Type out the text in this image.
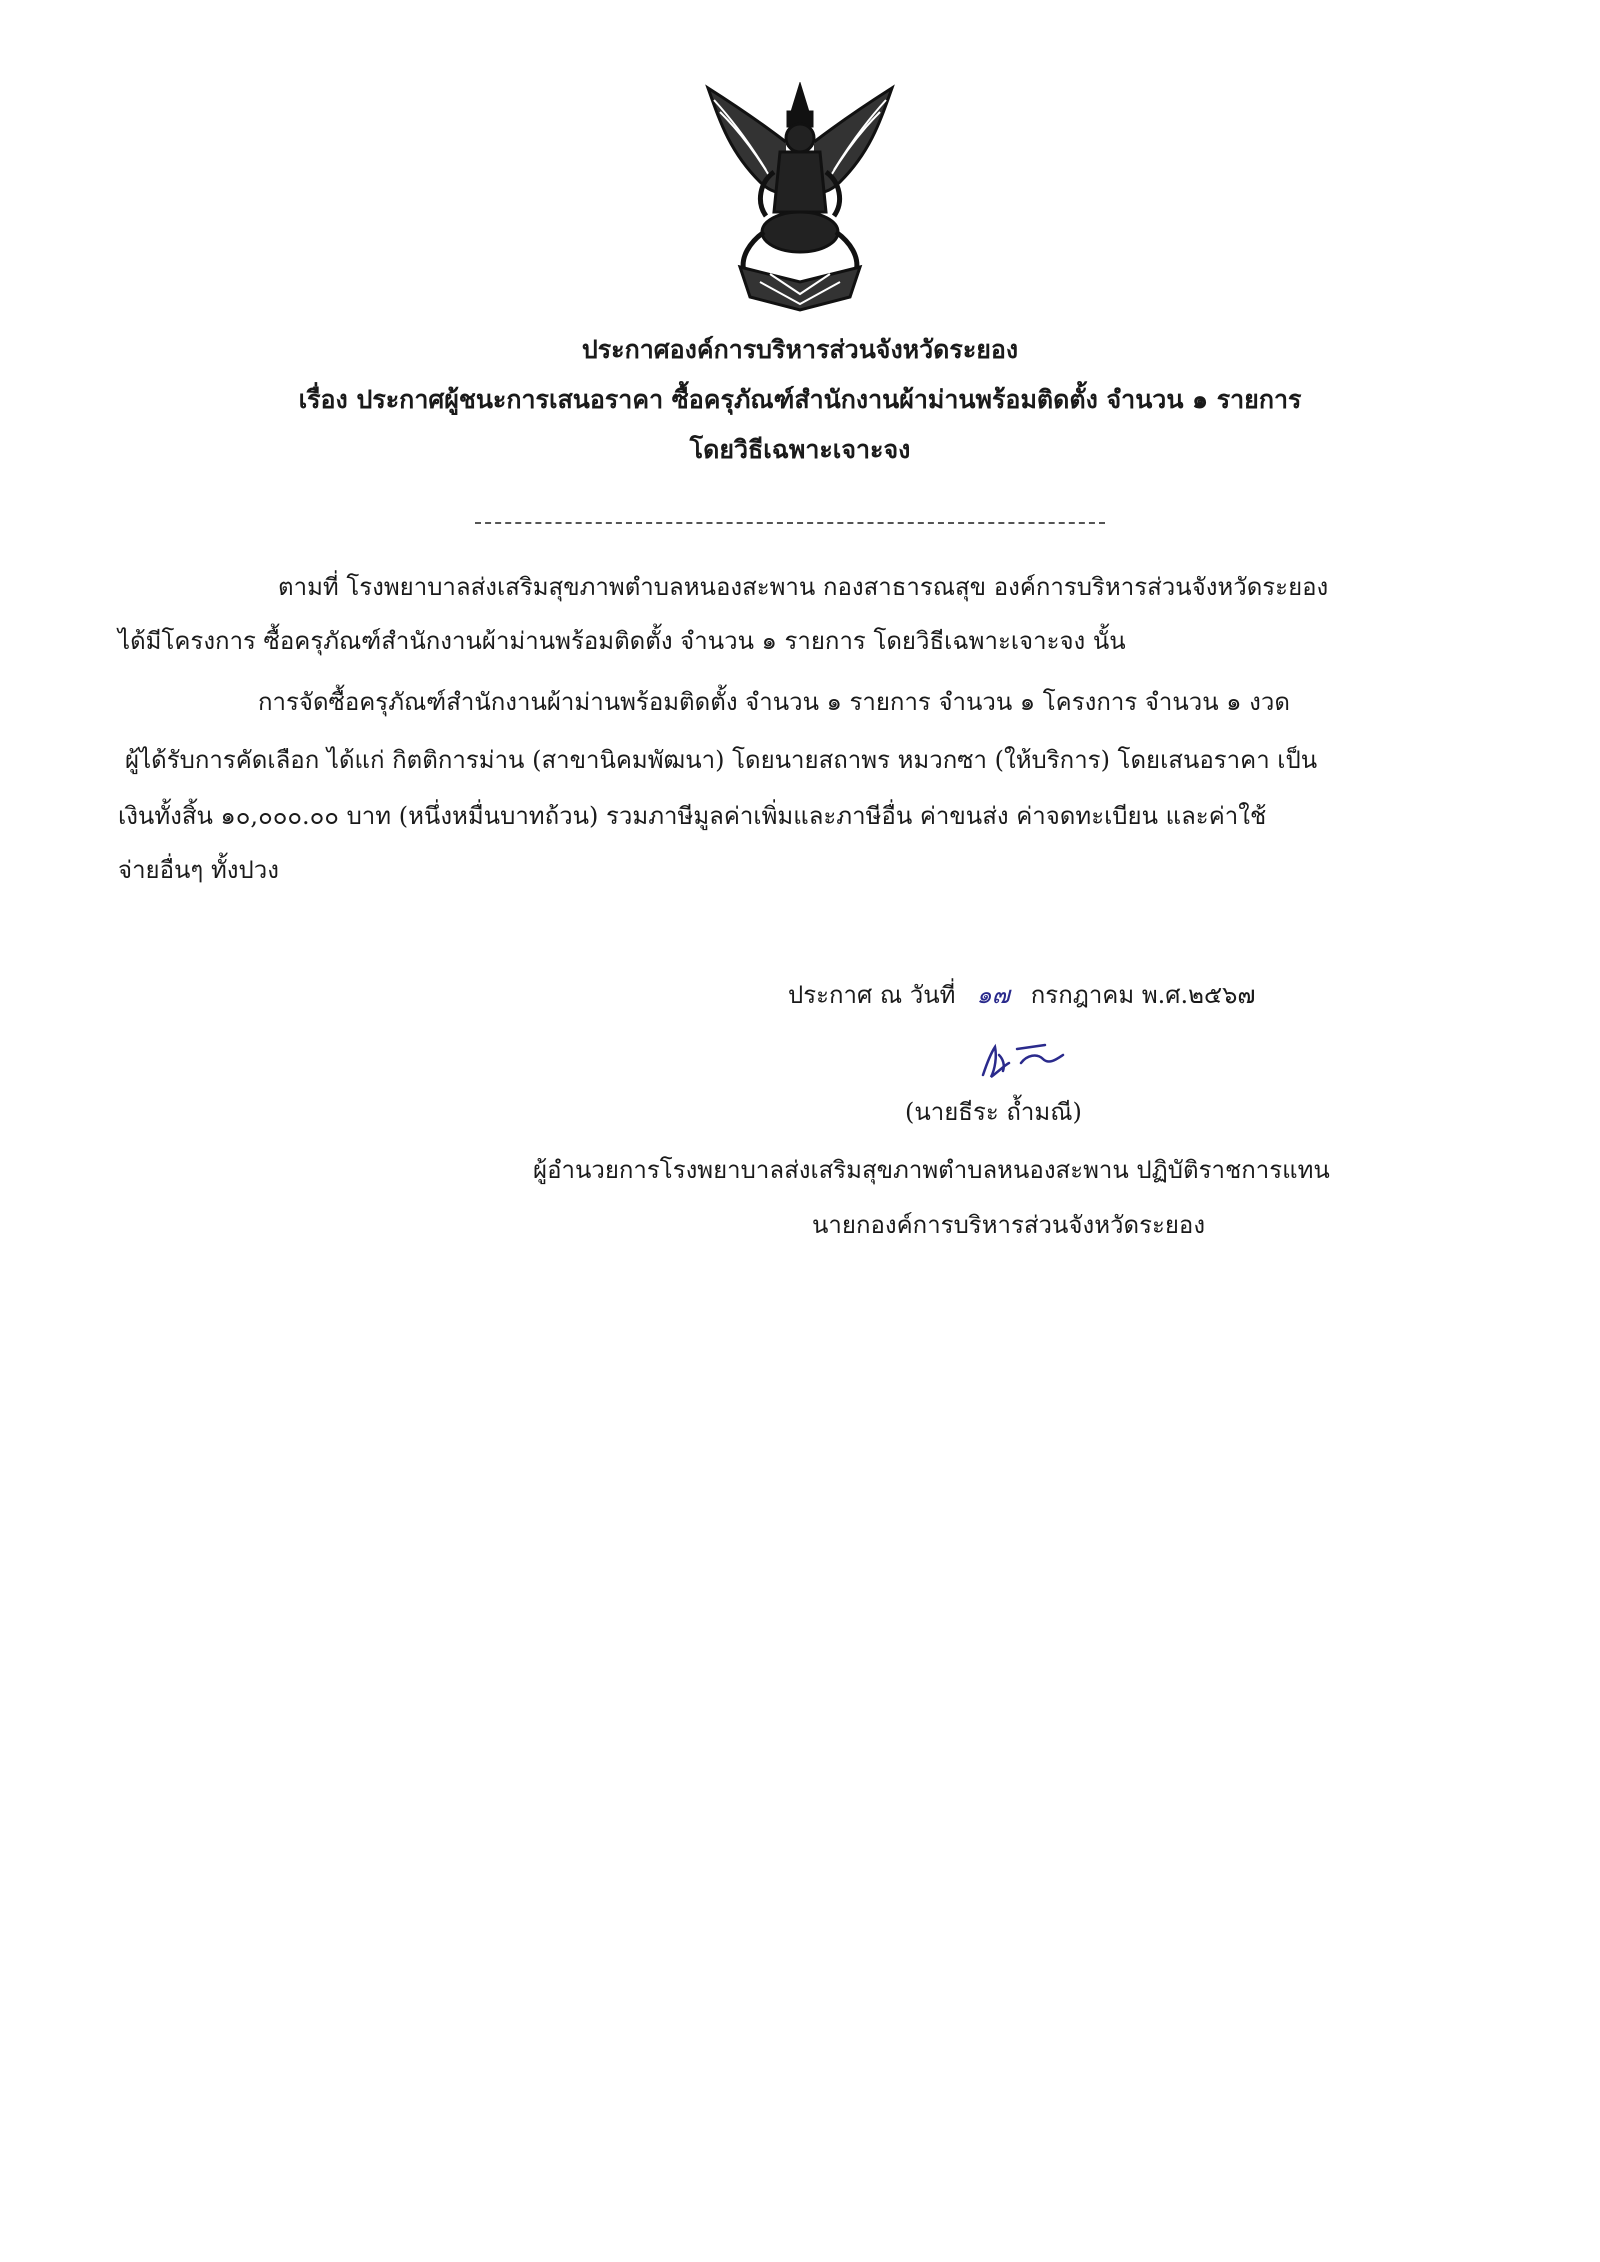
ประกาศองค์การบริหารส่วนจังหวัดระยอง
เรื่อง ประกาศผู้ชนะการเสนอราคา ซื้อครุภัณฑ์สำนักงานผ้าม่านพร้อมติดตั้ง จำนวน ๑ รายการ
โดยวิธีเฉพาะเจาะจง
ตามที่ โรงพยาบาลส่งเสริมสุขภาพตำบลหนองสะพาน กองสาธารณสุข องค์การบริหารส่วนจังหวัดระยอง
ได้มีโครงการ ซื้อครุภัณฑ์สำนักงานผ้าม่านพร้อมติดตั้ง จำนวน ๑ รายการ โดยวิธีเฉพาะเจาะจง นั้น
การจัดซื้อครุภัณฑ์สำนักงานผ้าม่านพร้อมติดตั้ง จำนวน ๑ รายการ จำนวน ๑ โครงการ จำนวน ๑ งวด
ผู้ได้รับการคัดเลือก ได้แก่ กิตติการม่าน (สาขานิคมพัฒนา) โดยนายสถาพร หมวกซา (ให้บริการ) โดยเสนอราคา เป็น
เงินทั้งสิ้น ๑๐,๐๐๐.๐๐ บาท (หนึ่งหมื่นบาทถ้วน) รวมภาษีมูลค่าเพิ่มและภาษีอื่น ค่าขนส่ง ค่าจดทะเบียน และค่าใช้
จ่ายอื่นๆ ทั้งปวง
ประกาศ ณ วันที่ ๑๗ กรกฎาคม พ.ศ.๒๕๖๗
(นายธีระ ถ้ำมณี)
ผู้อำนวยการโรงพยาบาลส่งเสริมสุขภาพตำบลหนองสะพาน ปฏิบัติราชการแทน
นายกองค์การบริหารส่วนจังหวัดระยอง
